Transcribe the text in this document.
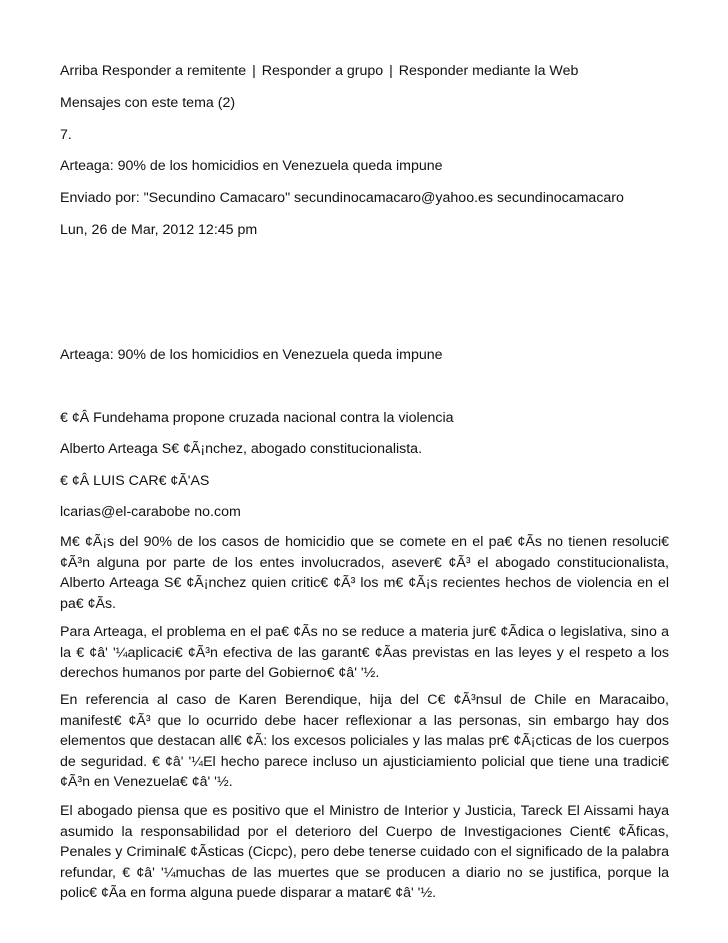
Arriba Responder a remitente | Responder a grupo | Responder mediante la Web
Mensajes con este tema (2)
7.
Arteaga: 90% de los homicidios en Venezuela queda impune
Enviado por: "Secundino Camacaro" secundinocamacaro@yahoo.es secundinocamacaro
Lun, 26 de Mar, 2012 12:45 pm
Arteaga: 90% de los homicidios en Venezuela queda impune
€ ¢Â Fundehama propone cruzada nacional contra la violencia
Alberto Arteaga S€ ¢Ã¡nchez, abogado constitucionalista.
€ ¢Â LUIS CAR€ ¢Ã'AS
lcarias@el-carabobe no.com

M€ ¢Ã¡s del 90% de los casos de homicidio que se comete en el pa€ ¢Ãs no tienen resoluci€ ¢Ã³n alguna por parte de los entes involucrados, asever€ ¢Ã³ el abogado constitucionalista, Alberto Arteaga S€ ¢Ã¡nchez quien critic€ ¢Ã³ los m€ ¢Ã¡s recientes hechos de violencia en el pa€ ¢Ãs.

Para Arteaga, el problema en el pa€ ¢Ãs no se reduce a materia jur€ ¢Ãdica o legislativa, sino a la € ¢â' '¼aplicaci€ ¢Ã³n efectiva de las garant€ ¢Ãas previstas en las leyes y el respeto a los derechos humanos por parte del Gobierno€ ¢â' '½.

En referencia al caso de Karen Berendique, hija del C€ ¢Ã³nsul de Chile en Maracaibo, manifest€ ¢Ã³ que lo ocurrido debe hacer reflexionar a las personas, sin embargo hay dos elementos que destacan all€ ¢Ã: los excesos policiales y las malas pr€ ¢Ã¡cticas de los cuerpos de seguridad. € ¢â' '¼El hecho parece incluso un ajusticiamiento policial que tiene una tradici€ ¢Ã³n en Venezuela€ ¢â' '½.

El abogado piensa que es positivo que el Ministro de Interior y Justicia, Tareck El Aissami haya asumido la responsabilidad por el deterioro del Cuerpo de Investigaciones Cient€ ¢Ãficas, Penales y Criminal€ ¢Ãsticas (Cicpc), pero debe tenerse cuidado con el significado de la palabra refundar, € ¢â' '¼muchas de las muertes que se producen a diario no se justifica, porque la polic€ ¢Ãa en forma alguna puede disparar a matar€ ¢â' '½.
